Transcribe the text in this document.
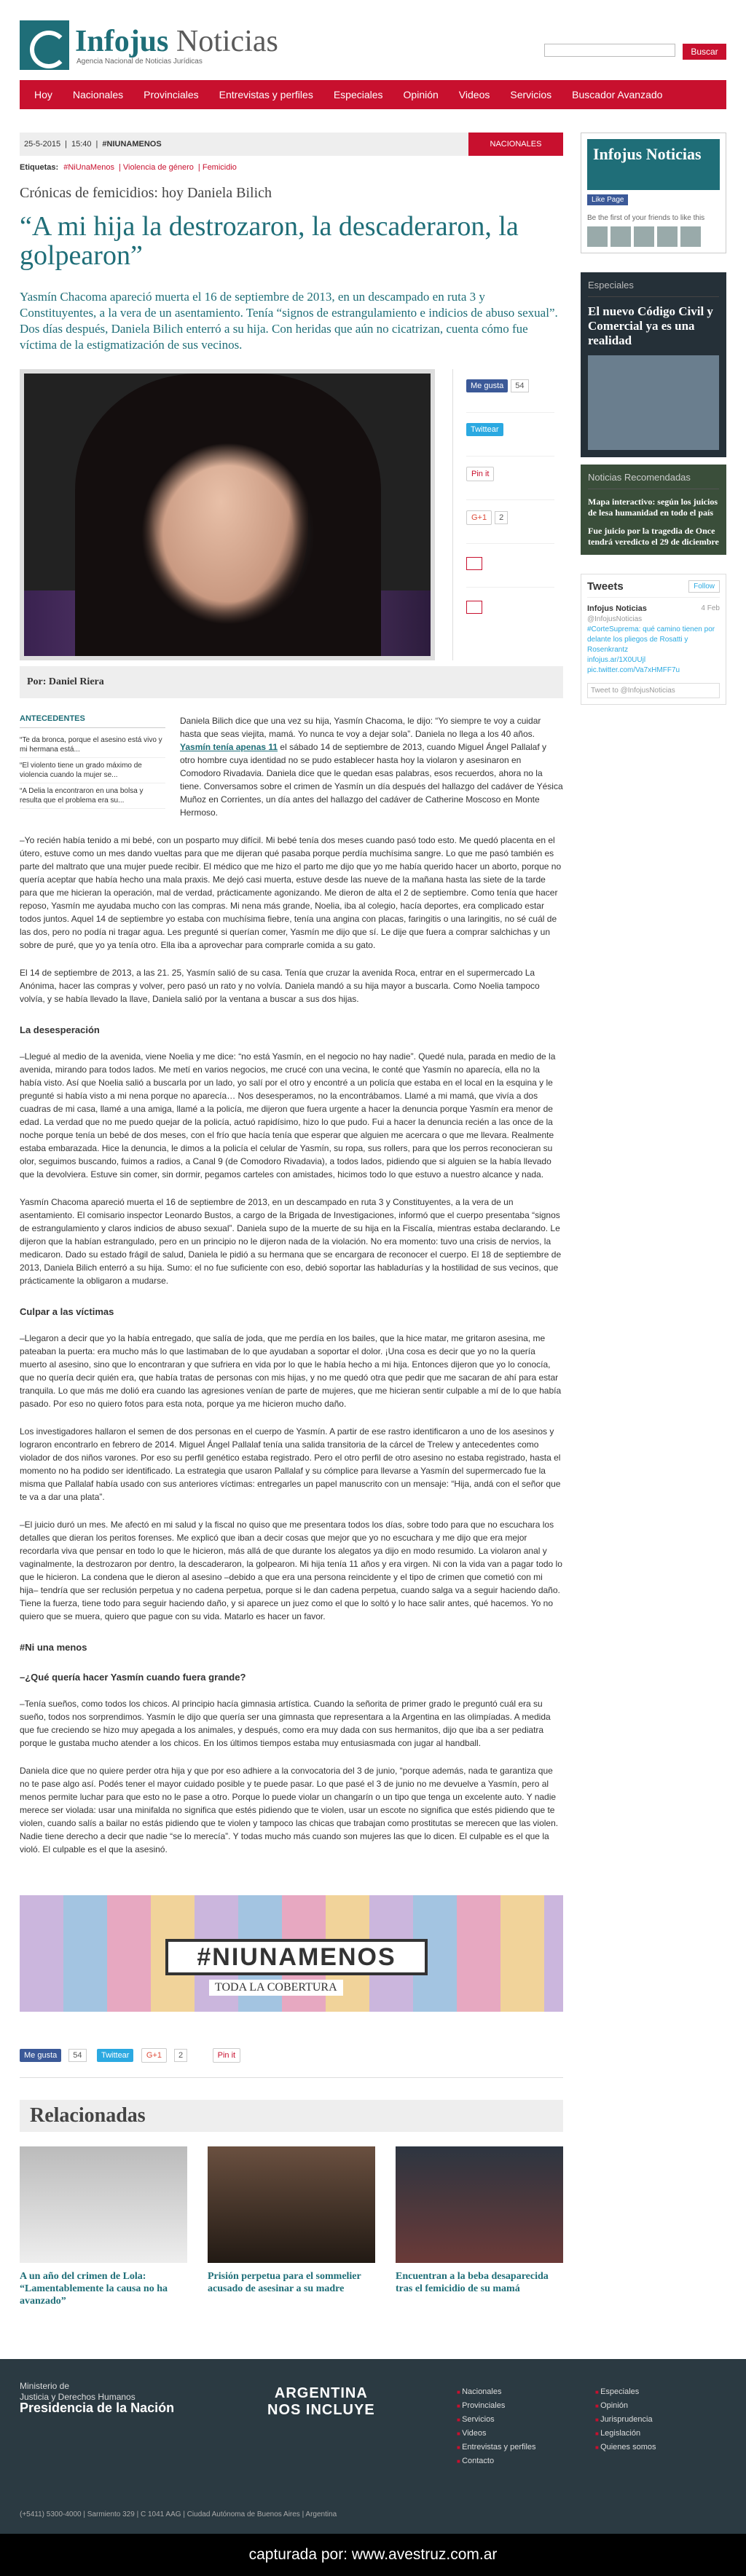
Infojus Noticias
Agencia Nacional de Noticias Jurídicas
Buscar
Hoy	Nacionales	Provinciales	Entrevistas y perfiles	Especiales	Opinión	Videos	Servicios	Buscador Avanzado
25-5-2015 | 15:40 | #NIUNAMENOS	NACIONALES
Etiquetas: #NiUnaMenos | Violencia de género | Femicidio
Crónicas de femicidios: hoy Daniela Bilich
“A mi hija la destrozaron, la descaderaron, la golpearon”
Yasmín Chacoma apareció muerta el 16 de septiembre de 2013, en un descampado en ruta 3 y Constituyentes, a la vera de un asentamiento. Tenía “signos de estrangulamiento e indicios de abuso sexual”. Dos días después, Daniela Bilich enterró a su hija. Con heridas que aún no cicatrizan, cuenta cómo fue víctima de la estigmatización de sus vecinos.
Me gusta 54
Twittear
Pin it
G+1 2
Por: Daniel Riera
ANTECEDENTES
“Te da bronca, porque el asesino está vivo y mi hermana está...
“El violento tiene un grado máximo de violencia cuando la mujer se...
“A Delia la encontraron en una bolsa y resulta que el problema era su...
Daniela Bilich dice que una vez su hija, Yasmín Chacoma, le dijo: “Yo siempre te voy a cuidar hasta que seas viejita, mamá. Yo nunca te voy a dejar sola”. Daniela no llega a los 40 años. Yasmín tenía apenas 11 el sábado 14 de septiembre de 2013, cuando Miguel Ángel Pallalaf y otro hombre cuya identidad no se pudo establecer hasta hoy la violaron y asesinaron en Comodoro Rivadavia. Daniela dice que le quedan esas palabras, esos recuerdos, ahora no la tiene. Conversamos sobre el crimen de Yasmín un día después del hallazgo del cadáver de Yésica Muñoz en Corrientes, un día antes del hallazgo del cadáver de Catherine Moscoso en Monte Hermoso.

–Yo recién había tenido a mi bebé, con un posparto muy difícil. Mi bebé tenía dos meses cuando pasó todo esto. Me quedó placenta en el útero, estuve como un mes dando vueltas para que me dijeran qué pasaba porque perdía muchísima sangre. Lo que me pasó también es parte del maltrato que una mujer puede recibir. El médico que me hizo el parto me dijo que yo me había querido hacer un aborto, porque no quería aceptar que había hecho una mala praxis. Me dejó casi muerta, estuve desde las nueve de la mañana hasta las siete de la tarde para que me hicieran la operación, mal de verdad, prácticamente agonizando. Me dieron de alta el 2 de septiembre. Como tenía que hacer reposo, Yasmín me ayudaba mucho con las compras. Mi nena más grande, Noelia, iba al colegio, hacía deportes, era complicado estar todos juntos. Aquel 14 de septiembre yo estaba con muchísima fiebre, tenía una angina con placas, faringitis o una laringitis, no sé cuál de las dos, pero no podía ni tragar agua. Les pregunté si querían comer, Yasmín me dijo que sí. Le dije que fuera a comprar salchichas y un sobre de puré, que yo ya tenía otro. Ella iba a aprovechar para comprarle comida a su gato.

El 14 de septiembre de 2013, a las 21. 25, Yasmín salió de su casa. Tenía que cruzar la avenida Roca, entrar en el supermercado La Anónima, hacer las compras y volver, pero pasó un rato y no volvía. Daniela mandó a su hija mayor a buscarla. Como Noelia tampoco volvía, y se había llevado la llave, Daniela salió por la ventana a buscar a sus dos hijas.

La desesperación

–Llegué al medio de la avenida, viene Noelia y me dice: “no está Yasmín, en el negocio no hay nadie”. Quedé nula, parada en medio de la avenida, mirando para todos lados. Me metí en varios negocios, me crucé con una vecina, le conté que Yasmín no aparecía, ella no la había visto. Así que Noelia salió a buscarla por un lado, yo salí por el otro y encontré a un policía que estaba en el local en la esquina y le pregunté si había visto a mi nena porque no aparecía… Nos desesperamos, no la encontrábamos. Llamé a mi mamá, que vivía a dos cuadras de mi casa, llamé a una amiga, llamé a la policía, me dijeron que fuera urgente a hacer la denuncia porque Yasmín era menor de edad. La verdad que no me puedo quejar de la policía, actuó rapidísimo, hizo lo que pudo. Fui a hacer la denuncia recién a las once de la noche porque tenía un bebé de dos meses, con el frío que hacía tenía que esperar que alguien me acercara o que me llevara. Realmente estaba embarazada. Hice la denuncia, le dimos a la policía el celular de Yasmín, su ropa, sus rollers, para que los perros reconocieran su olor, seguimos buscando, fuimos a radios, a Canal 9 (de Comodoro Rivadavia), a todos lados, pidiendo que si alguien se la había llevado que la devolviera. Estuve sin comer, sin dormir, pegamos carteles con amistades, hicimos todo lo que estuvo a nuestro alcance y nada.

Yasmín Chacoma apareció muerta el 16 de septiembre de 2013, en un descampado en ruta 3 y Constituyentes, a la vera de un asentamiento. El comisario inspector Leonardo Bustos, a cargo de la Brigada de Investigaciones, informó que el cuerpo presentaba “signos de estrangulamiento y claros indicios de abuso sexual”. Daniela supo de la muerte de su hija en la Fiscalía, mientras estaba declarando. Le dijeron que la habían estrangulado, pero en un principio no le dijeron nada de la violación. No era momento: tuvo una crisis de nervios, la medicaron. Dado su estado frágil de salud, Daniela le pidió a su hermana que se encargara de reconocer el cuerpo. El 18 de septiembre de 2013, Daniela Bilich enterró a su hija. Sumo: el no fue suficiente con eso, debió soportar las habladurías y la hostilidad de sus vecinos, que prácticamente la obligaron a mudarse.

Culpar a las víctimas

–Llegaron a decir que yo la había entregado, que salía de joda, que me perdía en los bailes, que la hice matar, me gritaron asesina, me pateaban la puerta: era mucho más lo que lastimaban de lo que ayudaban a soportar el dolor. ¡Una cosa es decir que yo no la quería muerto al asesino, sino que lo encontraran y que sufriera en vida por lo que le había hecho a mi hija. Entonces dijeron que yo lo conocía, que no quería decir quién era, que había tratas de personas con mis hijas, y no me quedó otra que pedir que me sacaran de ahí para estar tranquila. Lo que más me dolió era cuando las agresiones venían de parte de mujeres, que me hicieran sentir culpable a mí de lo que había pasado. Por eso no quiero fotos para esta nota, porque ya me hicieron mucho daño.

Los investigadores hallaron el semen de dos personas en el cuerpo de Yasmín. A partir de ese rastro identificaron a uno de los asesinos y lograron encontrarlo en febrero de 2014. Miguel Ángel Pallalaf tenía una salida transitoria de la cárcel de Trelew y antecedentes como violador de dos niños varones. Por eso su perfil genético estaba registrado. Pero el otro perfil de otro asesino no estaba registrado, hasta el momento no ha podido ser identificado. La estrategia que usaron Pallalaf y su cómplice para llevarse a Yasmín del supermercado fue la misma que Pallalaf había usado con sus anteriores víctimas: entregarles un papel manuscrito con un mensaje: “Hija, andá con el señor que te va a dar una plata”.

–El juicio duró un mes. Me afectó en mi salud y la fiscal no quiso que me presentara todos los días, sobre todo para que no escuchara los detalles que dieran los peritos forenses. Me explicó que iban a decir cosas que mejor que yo no escuchara y me dijo que era mejor recordarla viva que pensar en todo lo que le hicieron, más allá de que durante los alegatos ya dijo en modo resumido. La violaron anal y vaginalmente, la destrozaron por dentro, la descaderaron, la golpearon. Mi hija tenía 11 años y era virgen. Ni con la vida van a pagar todo lo que le hicieron. La condena que le dieron al asesino –debido a que era una persona reincidente y el tipo de crimen que cometió con mi hija– tendría que ser reclusión perpetua y no cadena perpetua, porque si le dan cadena perpetua, cuando salga va a seguir haciendo daño. Tiene la fuerza, tiene todo para seguir haciendo daño, y si aparece un juez como el que lo soltó y lo hace salir antes, qué hacemos. Yo no quiero que se muera, quiero que pague con su vida. Matarlo es hacer un favor.

#Ni una menos
–¿Qué quería hacer Yasmín cuando fuera grande?

–Tenía sueños, como todos los chicos. Al principio hacía gimnasia artística. Cuando la señorita de primer grado le preguntó cuál era su sueño, todos nos sorprendimos. Yasmín le dijo que quería ser una gimnasta que representara a la Argentina en las olimpíadas. A medida que fue creciendo se hizo muy apegada a los animales, y después, como era muy dada con sus hermanitos, dijo que iba a ser pediatra porque le gustaba mucho atender a los chicos. En los últimos tiempos estaba muy entusiasmada con jugar al handball.

Daniela dice que no quiere perder otra hija y que por eso adhiere a la convocatoria del 3 de junio, “porque además, nada te garantiza que no te pase algo así. Podés tener el mayor cuidado posible y te puede pasar. Lo que pasé el 3 de junio no me devuelve a Yasmín, pero al menos permite luchar para que esto no le pase a otro. Porque lo puede violar un changarín o un tipo que tenga un excelente auto. Y nadie merece ser violada: usar una minifalda no significa que estés pidiendo que te violen, usar un escote no significa que estés pidiendo que te violen, cuando salís a bailar no estás pidiendo que te violen y tampoco las chicas que trabajan como prostitutas se merecen que las violen. Nadie tiene derecho a decir que nadie “se lo merecía”. Y todas mucho más cuando son mujeres las que lo dicen. El culpable es el que la violó. El culpable es el que la asesinó.

#NIUNAMENOS
TODA LA COBERTURA
Me gusta 54 Twittear G+1 2	Pin it
Relacionadas
A un año del crimen de Lola: “Lamentablemente la causa no ha avanzado”
Prisión perpetua para el sommelier acusado de asesinar a su madre
Encuentran a la beba desaparecida tras el femicidio de su mamá
Infojus Noticias
Like Page

Be the first of your friends to like this

Especiales
El nuevo Código Civil y Comercial ya es una realidad
Noticias Recomendadas

Mapa interactivo: según los juicios de lesa humanidad en todo el país

Fue juicio por la tragedia de Once tendrá veredicto el 29 de diciembre

Tweets	Follow
Infojus Noticias	4 Feb

@InfojusNoticias
#CorteSuprema: qué camino tienen por delante los pliegos de Rosatti y Rosenkrantz
infojus.ar/1X0UUjl pic.twitter.com/Va7xHMFF7u
Tweet to @InfojusNoticias
Ministerio de
Justicia y Derechos Humanos
Presidencia de la Nación
ARGENTINA
NOS INCLUYE
■ Nacionales
■ Provinciales
■ Servicios
■ Videos
■ Entrevistas y perfiles
■ Contacto
■ Especiales
■ Opinión
■ Jurisprudencia
■ Legislación
■ Quienes somos
(+5411) 5300-4000 | Sarmiento 329 | C 1041 AAG | Ciudad Autónoma de Buenos Aires | Argentina
capturada por: www.avestruz.com.ar
